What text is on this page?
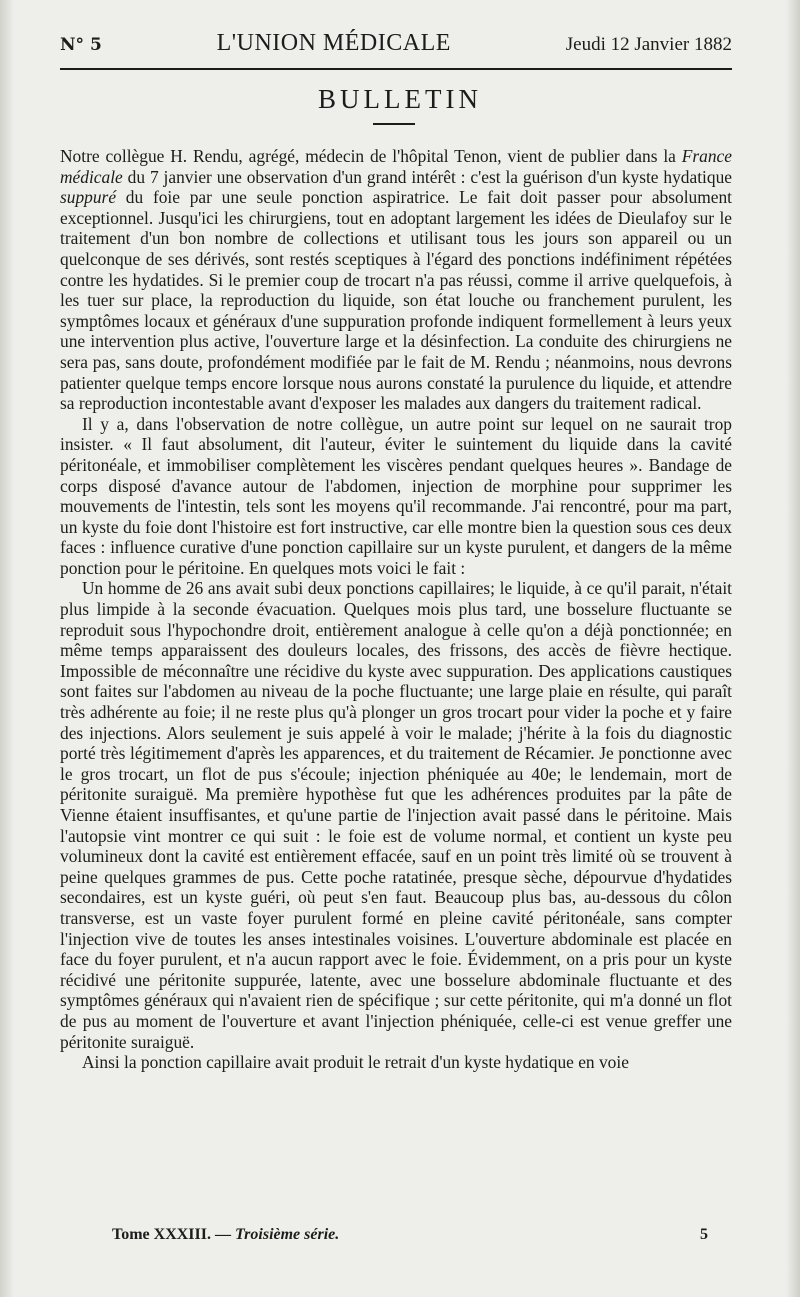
N° 5	L'UNION MÉDICALE	Jeudi 12 Janvier 1882
BULLETIN

Notre collègue H. Rendu, agrégé, médecin de l'hôpital Tenon, vient de publier dans la France médicale du 7 janvier une observation d'un grand intérêt : c'est la guérison d'un kyste hydatique suppuré du foie par une seule ponction aspiratrice. Le fait doit passer pour absolument exceptionnel. Jusqu'ici les chirurgiens, tout en adoptant largement les idées de Dieulafoy sur le traitement d'un bon nombre de collections et utilisant tous les jours son appareil ou un quelconque de ses dérivés, sont restés sceptiques à l'égard des ponctions indéfiniment répétées contre les hydatides. Si le premier coup de trocart n'a pas réussi, comme il arrive quelquefois, à les tuer sur place, la reproduction du liquide, son état louche ou franchement purulent, les symptômes locaux et généraux d'une suppuration profonde indiquent formellement à leurs yeux une intervention plus active, l'ouverture large et la désinfection. La conduite des chirurgiens ne sera pas, sans doute, profondément modifiée par le fait de M. Rendu ; néanmoins, nous devrons patienter quelque temps encore lorsque nous aurons constaté la purulence du liquide, et attendre sa reproduction incontestable avant d'exposer les malades aux dangers du traitement radical.

Il y a, dans l'observation de notre collègue, un autre point sur lequel on ne saurait trop insister. « Il faut absolument, dit l'auteur, éviter le suintement du liquide dans la cavité péritonéale, et immobiliser complètement les viscères pendant quelques heures ». Bandage de corps disposé d'avance autour de l'abdomen, injection de morphine pour supprimer les mouvements de l'intestin, tels sont les moyens qu'il recommande. J'ai rencontré, pour ma part, un kyste du foie dont l'histoire est fort instructive, car elle montre bien la question sous ces deux faces : influence curative d'une ponction capillaire sur un kyste purulent, et dangers de la même ponction pour le péritoine. En quelques mots voici le fait :

Un homme de 26 ans avait subi deux ponctions capillaires; le liquide, à ce qu'il parait, n'était plus limpide à la seconde évacuation. Quelques mois plus tard, une bosselure fluctuante se reproduit sous l'hypochondre droit, entièrement analogue à celle qu'on a déjà ponctionnée; en même temps apparaissent des douleurs locales, des frissons, des accès de fièvre hectique. Impossible de méconnaître une récidive du kyste avec suppuration. Des applications caustiques sont faites sur l'abdomen au niveau de la poche fluctuante; une large plaie en résulte, qui paraît très adhérente au foie; il ne reste plus qu'à plonger un gros trocart pour vider la poche et y faire des injections. Alors seulement je suis appelé à voir le malade; j'hérite à la fois du diagnostic porté très légitimement d'après les apparences, et du traitement de Récamier. Je ponctionne avec le gros trocart, un flot de pus s'écoule; injection phéniquée au 40e; le lendemain, mort de péritonite suraiguë. Ma première hypothèse fut que les adhérences produites par la pâte de Vienne étaient insuffisantes, et qu'une partie de l'injection avait passé dans le péritoine. Mais l'autopsie vint montrer ce qui suit : le foie est de volume normal, et contient un kyste peu volumineux dont la cavité est entièrement effacée, sauf en un point très limité où se trouvent à peine quelques grammes de pus. Cette poche ratatinée, presque sèche, dépourvue d'hydatides secondaires, est un kyste guéri, où peut s'en faut. Beaucoup plus bas, au-dessous du côlon transverse, est un vaste foyer purulent formé en pleine cavité péritonéale, sans compter l'injection vive de toutes les anses intestinales voisines. L'ouverture abdominale est placée en face du foyer purulent, et n'a aucun rapport avec le foie. Évidemment, on a pris pour un kyste récidivé une péritonite suppurée, latente, avec une bosselure abdominale fluctuante et des symptômes généraux qui n'avaient rien de spécifique ; sur cette péritonite, qui m'a donné un flot de pus au moment de l'ouverture et avant l'injection phéniquée, celle-ci est venue greffer une péritonite suraiguë.

Ainsi la ponction capillaire avait produit le retrait d'un kyste hydatique en voie

Tome XXXIII. — Troisième série.	5
